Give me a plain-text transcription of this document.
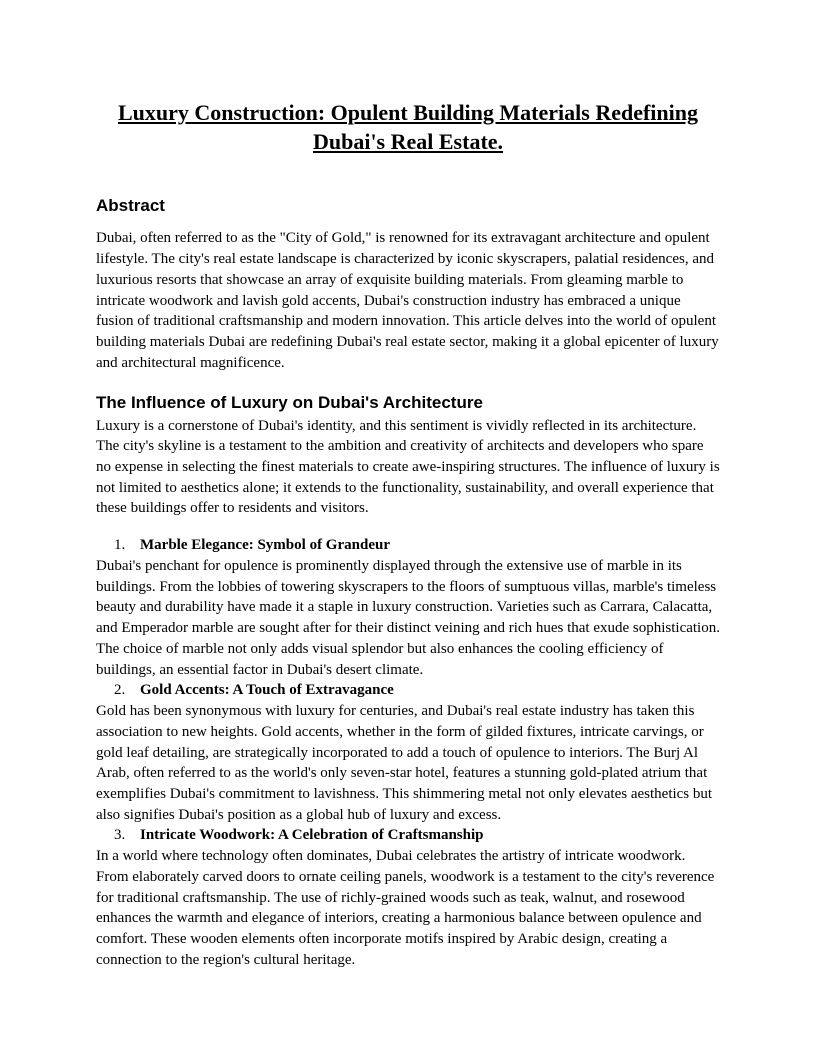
Luxury Construction: Opulent Building Materials Redefining Dubai's Real Estate.
Abstract

Dubai, often referred to as the "City of Gold," is renowned for its extravagant architecture and opulent lifestyle. The city's real estate landscape is characterized by iconic skyscrapers, palatial residences, and luxurious resorts that showcase an array of exquisite building materials. From gleaming marble to intricate woodwork and lavish gold accents, Dubai's construction industry has embraced a unique fusion of traditional craftsmanship and modern innovation. This article delves into the world of opulent building materials Dubai are redefining Dubai's real estate sector, making it a global epicenter of luxury and architectural magnificence.

The Influence of Luxury on Dubai's Architecture

Luxury is a cornerstone of Dubai's identity, and this sentiment is vividly reflected in its architecture. The city's skyline is a testament to the ambition and creativity of architects and developers who spare no expense in selecting the finest materials to create awe-inspiring structures. The influence of luxury is not limited to aesthetics alone; it extends to the functionality, sustainability, and overall experience that these buildings offer to residents and visitors.

1. Marble Elegance: Symbol of Grandeur

Dubai's penchant for opulence is prominently displayed through the extensive use of marble in its buildings. From the lobbies of towering skyscrapers to the floors of sumptuous villas, marble's timeless beauty and durability have made it a staple in luxury construction. Varieties such as Carrara, Calacatta, and Emperador marble are sought after for their distinct veining and rich hues that exude sophistication. The choice of marble not only adds visual splendor but also enhances the cooling efficiency of buildings, an essential factor in Dubai's desert climate.

2. Gold Accents: A Touch of Extravagance

Gold has been synonymous with luxury for centuries, and Dubai's real estate industry has taken this association to new heights. Gold accents, whether in the form of gilded fixtures, intricate carvings, or gold leaf detailing, are strategically incorporated to add a touch of opulence to interiors. The Burj Al Arab, often referred to as the world's only seven-star hotel, features a stunning gold-plated atrium that exemplifies Dubai's commitment to lavishness. This shimmering metal not only elevates aesthetics but also signifies Dubai's position as a global hub of luxury and excess.

3. Intricate Woodwork: A Celebration of Craftsmanship

In a world where technology often dominates, Dubai celebrates the artistry of intricate woodwork. From elaborately carved doors to ornate ceiling panels, woodwork is a testament to the city's reverence for traditional craftsmanship. The use of richly-grained woods such as teak, walnut, and rosewood enhances the warmth and elegance of interiors, creating a harmonious balance between opulence and comfort. These wooden elements often incorporate motifs inspired by Arabic design, creating a connection to the region's cultural heritage.
